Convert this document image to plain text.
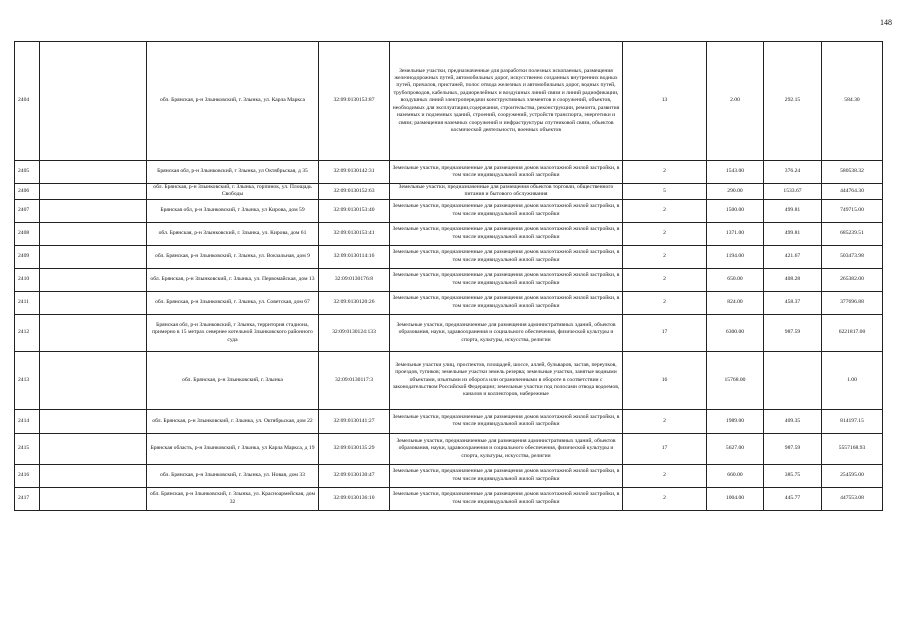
148
2404		обл. Брянская, р-н Злынковский, г. Злынка, ул. Карла Маркса	32:09:0130153:87	Земельные участки, предназначенные для разработки полезных ископаемых, размещения железнодорожных путей, автомобильных дорог, искусственно созданных внутренних водных путей, причалов, пристаней, полос отвода железных и автомобильных дорог, водных путей, трубопроводов, кабельных, радиорелейных и воздушных линий связи и линий радиофикации, воздушных линий электропередачи конструктивных элементов и сооружений, объектов, необходимых для эксплуатации,содержания, строительства, реконструкции, ремонта, развития наземных и подземных зданий, строений, сооружений, устройств транспорта, энергетики и связи; размещения наземных сооружений и инфраструктуры спутниковой связи, объектов космической деятельности, военных объектов	13	2.00	292.15	584.30
2405		Брянская обл, р-н Злынковский, г Злынка, ул Октябрьская, д 35	32:09:0130142:31	Земельные участки, предназначенные для размещения домов малоэтажной жилой застройки, в том числе индивидуальной жилой застройки	2	1543.00	376.24	580538.32
2406		обл. Брянская, р-н Злынковский, г. Злынка, горпинок, ул. Площадь Свободы	32:09:0130152:63	Земельные участки, предназначенные для размещения объектов торговли, общественного питания и бытового обслуживания	5	290.00	1533.67	444764.30
2407		Брянская обл, р-н Злынковский, г Злынка, ул Кирова, дом 59	32:09:0130153:40	Земельные участки, предназначенные для размещения домов малоэтажной жилой застройки, в том числе индивидуальной жилой застройки	2	1500.00	499.81	749715.00
2408		обл. Брянская, р-н Злынковский, г. Злынка, ул. Кирова, дом 61	32:09:0130153:41	Земельные участки, предназначенные для размещения домов малоэтажной жилой застройки, в том числе индивидуальной жилой застройки	2	1371.00	499.81	685239.51
2409		обл. Брянская, р-н Злынковский, г. Злынка, ул. Вокзальная, дом 9	32:09:0130114:16	Земельные участки, предназначенные для размещения домов малоэтажной жилой застройки, в том числе индивидуальной жилой застройки	2	1194.00	421.67	503473.98
2410		обл. Брянская, р-н Злынковский, г. Злынка, ул. Первомайская, дом 13	32:09:0130176:8	Земельные участки, предназначенные для размещения домов малоэтажной жилой застройки, в том числе индивидуальной жилой застройки	2	650.00	408.28	265382.00
2411		обл. Брянская, р-н Злынковский, г. Злынка, ул. Советская, дом 67	32:09:0130120:26	Земельные участки, предназначенные для размещения домов малоэтажной жилой застройки, в том числе индивидуальной жилой застройки	2	824.00	458.37	377696.88
2412		Брянская обл, р-н Злынковский, г Злынка, территория стадиона, примерно в 15 метрах севернее котельной Злынковского районного суда	32:09:0130124:133	Земельные участки, предназначенные для размещения административных зданий, объектов образования, науки, здравоохранения и социального обеспечения, физической культуры и спорта, культуры, искусства, религии	17	6300.00	987.59	6221817.00
2413		обл. Брянская, р-н Злынковский, г. Злынка	32:09:0130117:3	Земельные участки улиц, проспектов, площадей, шоссе, аллей, бульваров, застав, переулков, проездов, тупиков; земельные участки земель резерва; земельные участки, занятые водными объектами, изъятыми из оборота или ограниченными в обороте в соответствии с законодательством Российской Федерации; земельные участки под полосами отвода водоемов, каналов и коллекторов, набережные	16	15768.00		1.00
2414		обл. Брянская, р-н Злынковский, г. Злынка, ул. Октябрьская, дом 22	32:09:0130141:27	Земельные участки, предназначенные для размещения домов малоэтажной жилой застройки, в том числе индивидуальной жилой застройки	2	1989.00	409.35	814197.15
2415		Брянская область, р-н Злынковский, г Злынка, ул Карла Маркса, д 19	32:09:0130135:29	Земельные участки, предназначенные для размещения административных зданий, объектов образования, науки, здравоохранения и социального обеспечения, физической культуры и спорта, культуры, искусства, религии	17	5627.00	987.59	5557168.93
2416		обл. Брянская, р-н Злынковский, г. Злынка, ул. Новая, дом 33	32:09:0130130:47	Земельные участки, предназначенные для размещения домов малоэтажной жилой застройки, в том числе индивидуальной жилой застройки	2	660.00	385.75	254595.00
2417		обл. Брянская, р-н Злынковский, г. Злынка, ул. Красноармейская, дом 32	32:09:0130136:10	Земельные участки, предназначенные для размещения домов малоэтажной жилой застройки, в том числе индивидуальной жилой застройки	2	1004.00	445.77	447553.08
